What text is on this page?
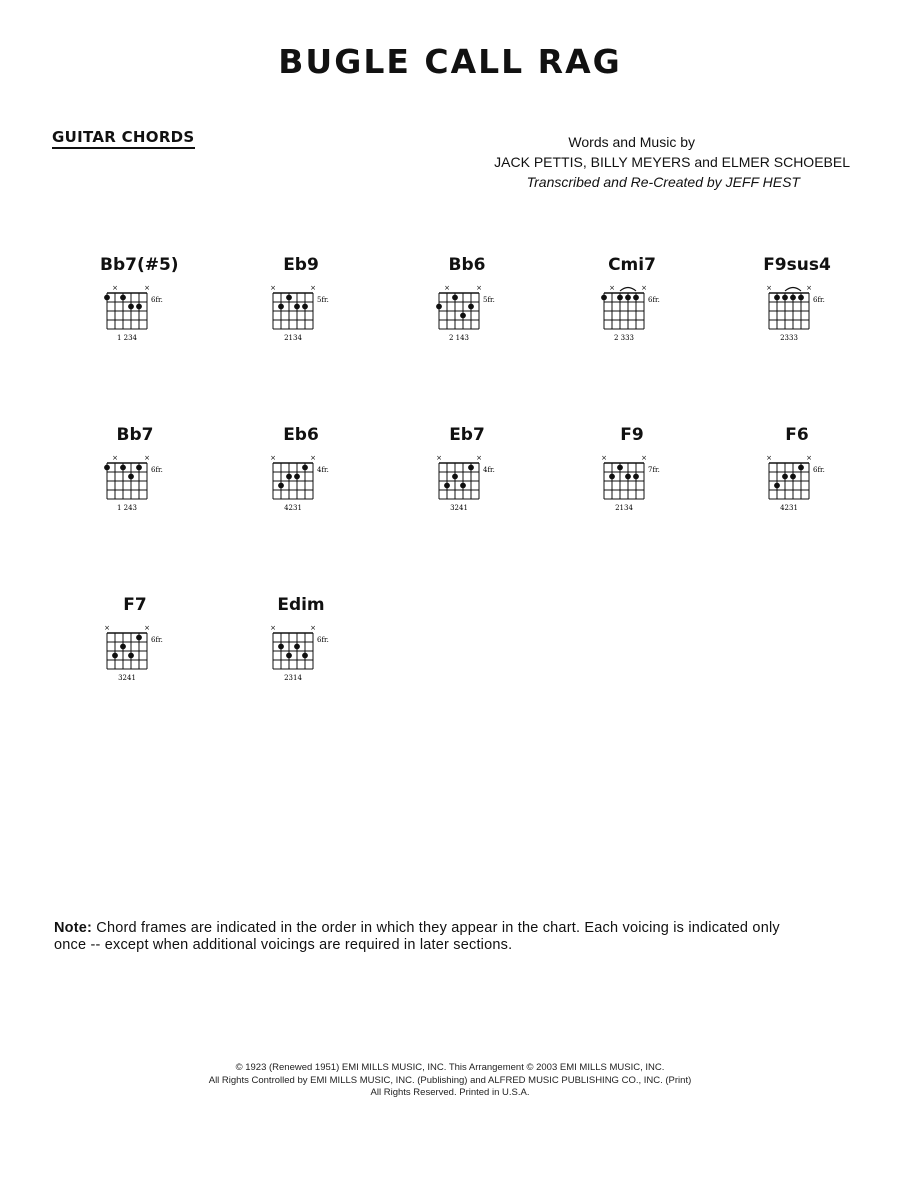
BUGLE CALL RAG
GUITAR CHORDS	Words and Music by
JACK PETTIS, BILLY MEYERS and ELMER SCHOEBEL
Transcribed and Re-Created by JEFF HEST
Bb7(#5)
×	×
6fr.
1 234
Eb9
×	×
5fr.
2134
Bb6
×	×
5fr.
2 143
Cmi7
×	×
6fr.
2 333
F9sus4
×	×
6fr.
2333
Bb7
×	×
6fr.
1 243
Eb6
×	×
4fr.
4231
Eb7
×	×
4fr.
3241
F9
×	×
7fr.
2134
F6
×	×
6fr.
4231
F7
×	×
6fr.
3241
Edim
×	×
6fr.
2314
Note: Chord frames are indicated in the order in which they appear in the chart. Each voicing is indicated only once -- except when additional voicings are required in later sections.
© 1923 (Renewed 1951) EMI MILLS MUSIC, INC. This Arrangement © 2003 EMI MILLS MUSIC, INC.
All Rights Controlled by EMI MILLS MUSIC, INC. (Publishing) and ALFRED MUSIC PUBLISHING CO., INC. (Print)
All Rights Reserved. Printed in U.S.A.
